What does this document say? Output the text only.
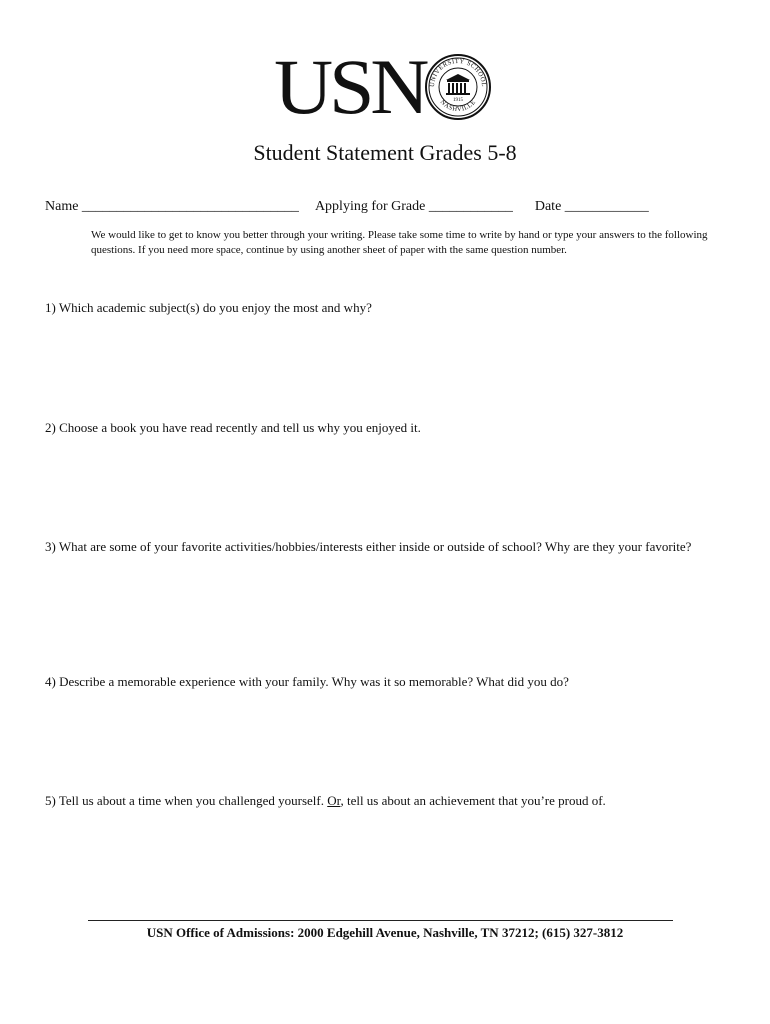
USN UNIVERSITY SCHOOL
NASHVILLE
1915
Student Statement Grades 5-8
Name _______________________________ Applying for Grade ____________ Date ____________
We would like to get to know you better through your writing. Please take some time to write by hand or type your answers to the following questions. If you need more space, continue by using another sheet of paper with the same question number.
1) Which academic subject(s) do you enjoy the most and why?
2) Choose a book you have read recently and tell us why you enjoyed it.
3) What are some of your favorite activities/hobbies/interests either inside or outside of school? Why are they your favorite?
4) Describe a memorable experience with your family. Why was it so memorable? What did you do?
5) Tell us about a time when you challenged yourself. Or, tell us about an achievement that you’re proud of.
USN Office of Admissions: 2000 Edgehill Avenue, Nashville, TN 37212; (615) 327-3812
